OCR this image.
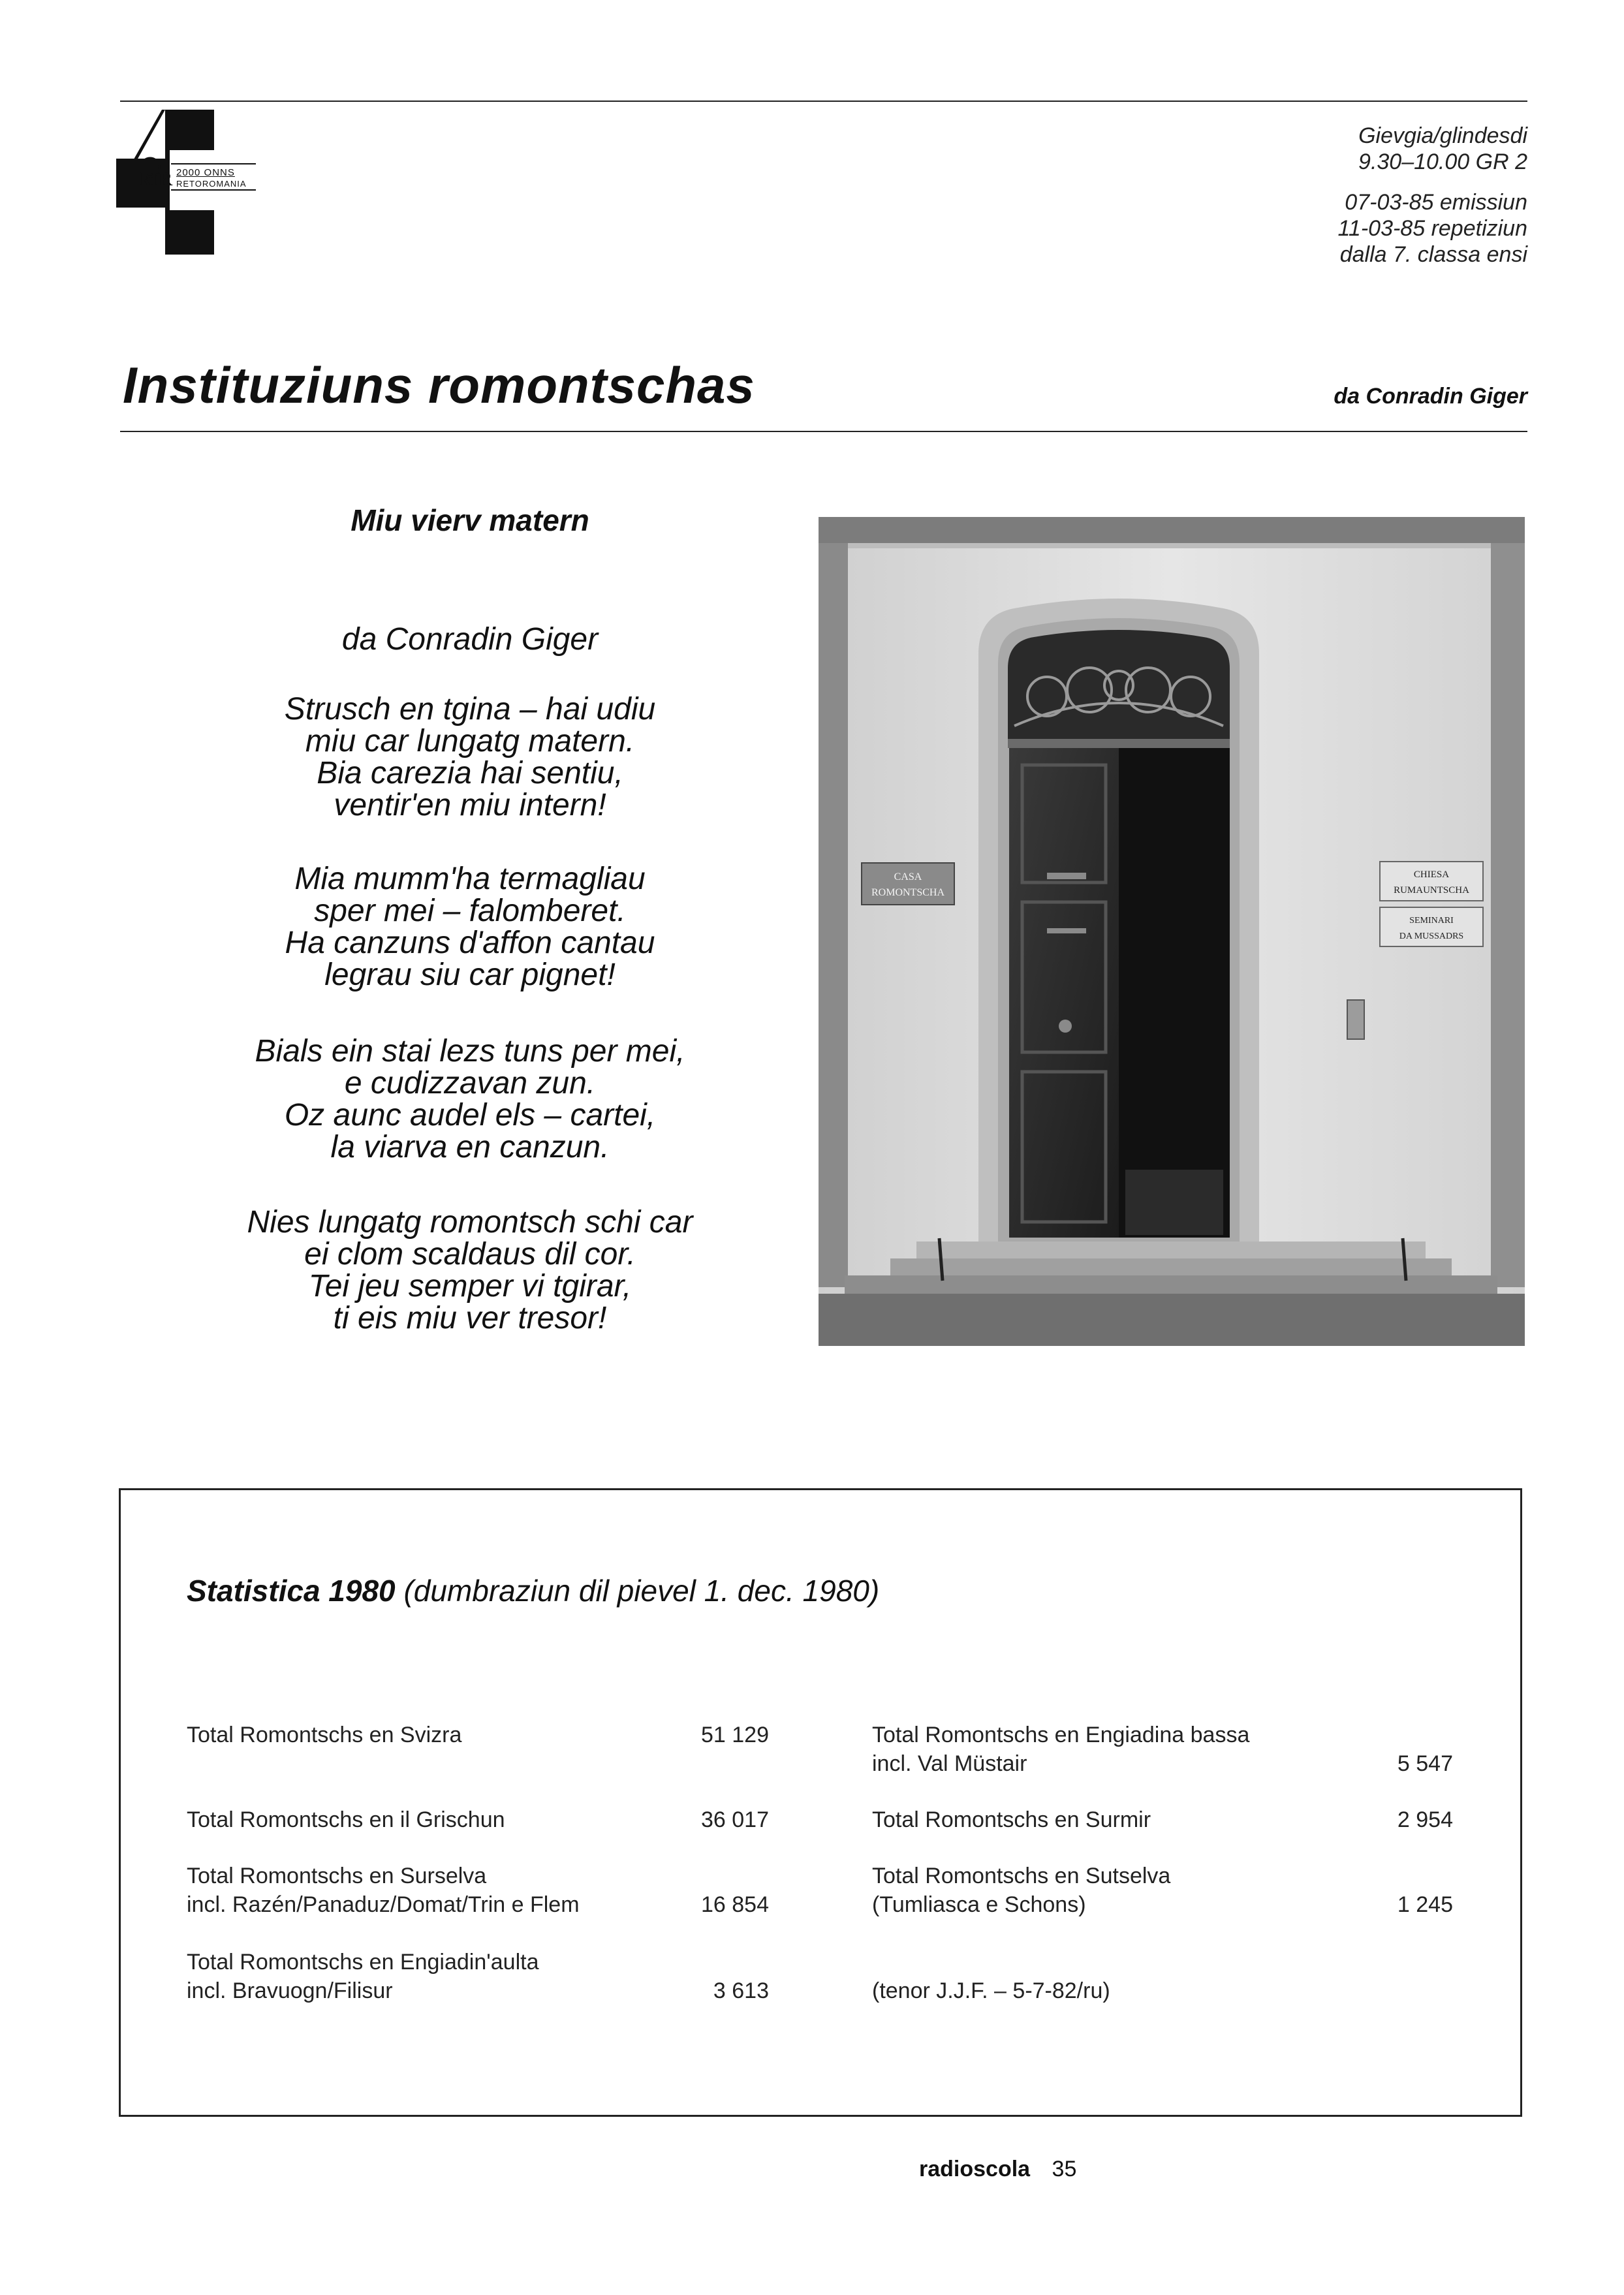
kIR 2000 ONNS
RETOROMANIA
Gievgia/glindesdi
9.30–10.00 GR 2
07-03-85 emissiun
11-03-85 repetiziun
dalla 7. classa ensi
Instituziuns romontschas	da Conradin Giger
Miu vierv matern
da Conradin Giger
Strusch en tgina – hai udiu
miu car lungatg matern.
Bia carezia hai sentiu,
ventir'en miu intern!
Mia mumm'ha termagliau
sper mei – falomberet.
Ha canzuns d'affon cantau
legrau siu car pignet!
Bials ein stai lezs tuns per mei,
e cudizzavan zun.
Oz aunc audel els – cartei,
la viarva en canzun.
Nies lungatg romontsch schi car
ei clom scaldaus dil cor.
Tei jeu semper vi tgirar,
ti eis miu ver tresor!
CASA
ROMONTSCHA
CHIESA
RUMAUNTSCHA
SEMINARI
DA MUSSADRS
Statistica 1980 (dumbraziun dil pievel 1. dec. 1980)
Total Romontschs en Svizra	51 129
Total Romontschs en il Grischun	36 017
Total Romontschs en Surselva
incl. Razén/Panaduz/Domat/Trin e Flem	16 854
Total Romontschs en Engiadin'aulta
incl. Bravuogn/Filisur	3 613
Total Romontschs en Engiadina bassa
incl. Val Müstair	5 547
Total Romontschs en Surmir	2 954
Total Romontschs en Sutselva
(Tumliasca e Schons)	1 245
(tenor J.J.F. – 5-7-82/ru)
radioscola 35
